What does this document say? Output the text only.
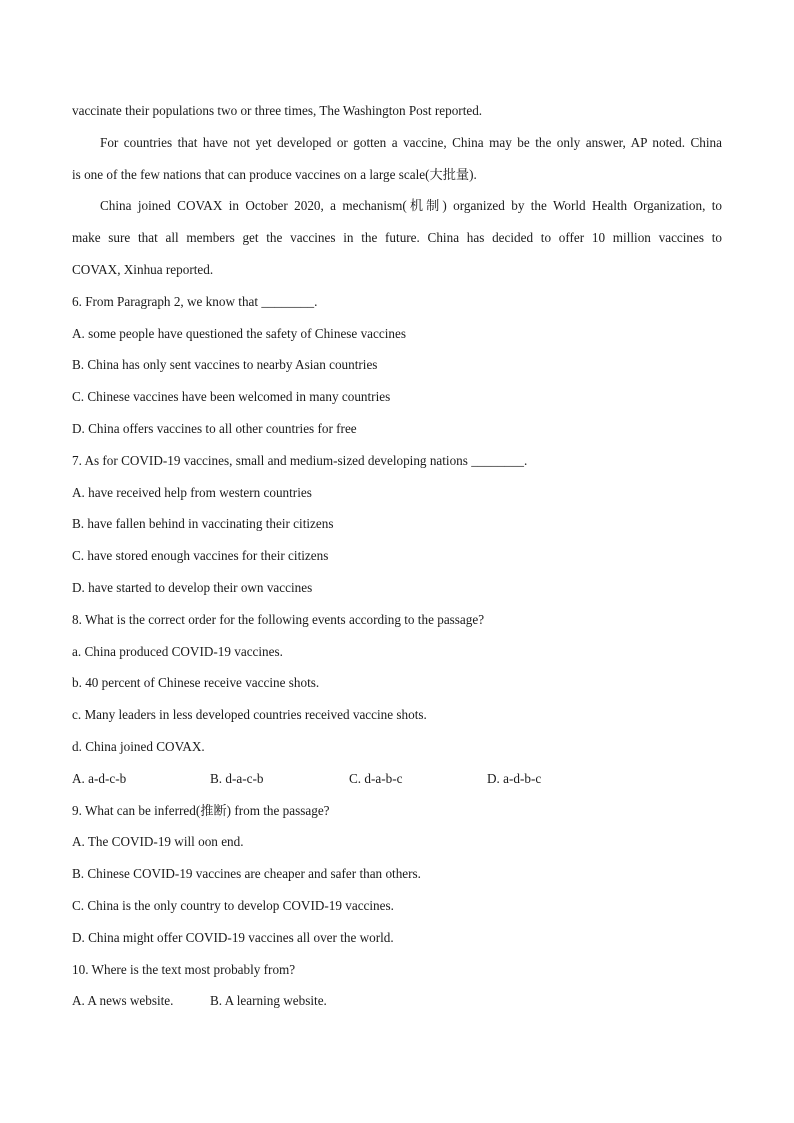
vaccinate their populations two or three times, The Washington Post reported.
For countries that have not yet developed or gotten a vaccine, China may be the only answer, AP noted. China
is one of the few nations that can produce vaccines on a large scale(大批量).
China joined COVAX in October 2020, a mechanism(机制) organized by the World Health Organization, to
make sure that all members get the vaccines in the future. China has decided to offer 10 million vaccines to
COVAX, Xinhua reported.
6. From Paragraph 2, we know that ________.
A. some people have questioned the safety of Chinese vaccines
B. China has only sent vaccines to nearby Asian countries
C. Chinese vaccines have been welcomed in many countries
D. China offers vaccines to all other countries for free
7. As for COVID-19 vaccines, small and medium-sized developing nations ________.
A. have received help from western countries
B. have fallen behind in vaccinating their citizens
C. have stored enough vaccines for their citizens
D. have started to develop their own vaccines
8. What is the correct order for the following events according to the passage?
a. China produced COVID-19 vaccines.
b. 40 percent of Chinese receive vaccine shots.
c. Many leaders in less developed countries received vaccine shots.
d. China joined COVAX.
A. a-d-c-b	B. d-a-c-b	C. d-a-b-c	D. a-d-b-c
9. What can be inferred(推断) from the passage?
A. The COVID-19 will oon end.
B. Chinese COVID-19 vaccines are cheaper and safer than others.
C. China is the only country to develop COVID-19 vaccines.
D. China might offer COVID-19 vaccines all over the world.
10. Where is the text most probably from?
A. A news website.	B. A learning website.
